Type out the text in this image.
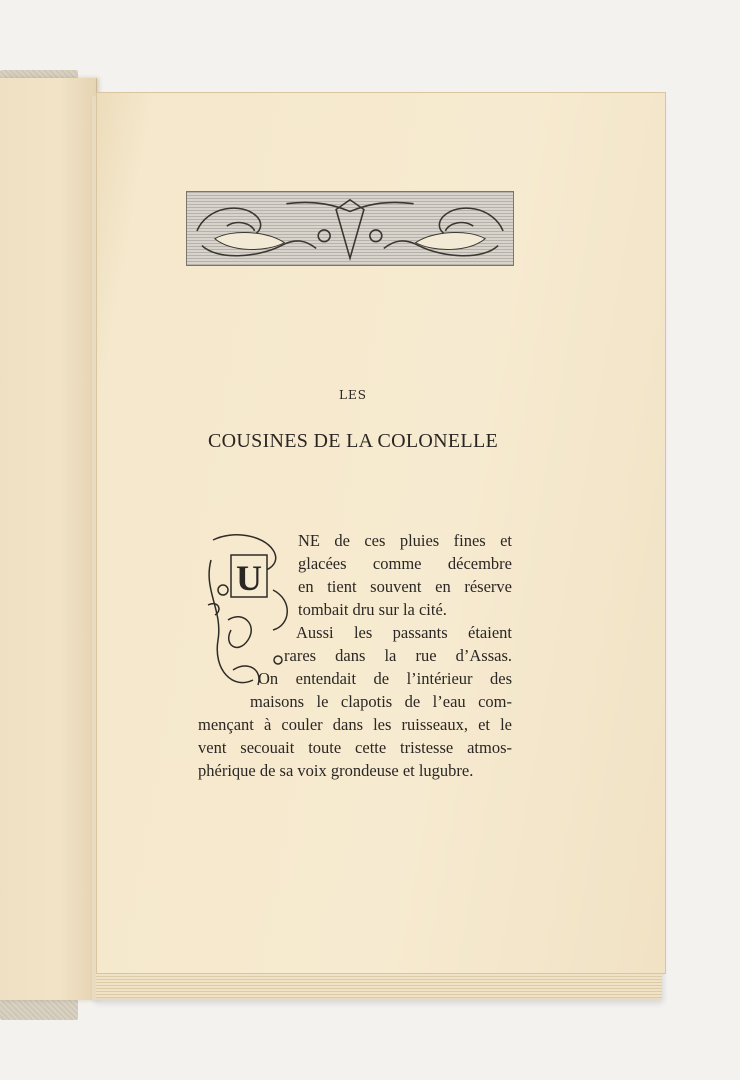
LES
COUSINES DE LA COLONELLE
U
NE de ces pluies fines et
glacées comme décembre
en tient souvent en réserve
tombait dru sur la cité.
Aussi les passants étaient
rares dans la rue d’Assas.
On entendait de l’intérieur des
maisons le clapotis de l’eau com-
mençant à couler dans les ruisseaux, et le
vent secouait toute cette tristesse atmos-
phérique de sa voix grondeuse et lugubre.
